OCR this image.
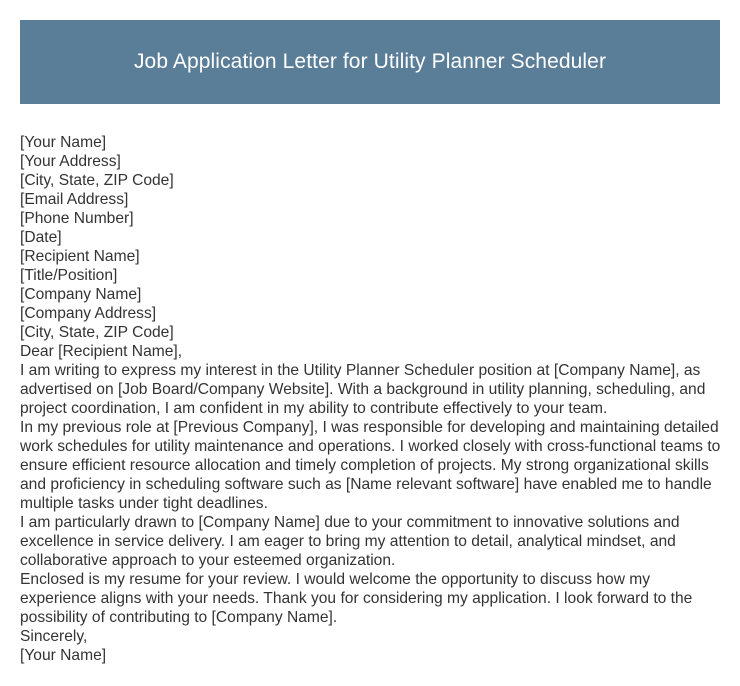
Job Application Letter for Utility Planner Scheduler
[Your Name]
[Your Address]
[City, State, ZIP Code]
[Email Address]
[Phone Number]
[Date]
[Recipient Name]
[Title/Position]
[Company Name]
[Company Address]
[City, State, ZIP Code]
Dear [Recipient Name],

I am writing to express my interest in the Utility Planner Scheduler position at [Company Name], as advertised on [Job Board/Company Website]. With a background in utility planning, scheduling, and project coordination, I am confident in my ability to contribute effectively to your team.

In my previous role at [Previous Company], I was responsible for developing and maintaining detailed work schedules for utility maintenance and operations. I worked closely with cross-functional teams to ensure efficient resource allocation and timely completion of projects. My strong organizational skills and proficiency in scheduling software such as [Name relevant software] have enabled me to handle multiple tasks under tight deadlines.

I am particularly drawn to [Company Name] due to your commitment to innovative solutions and excellence in service delivery. I am eager to bring my attention to detail, analytical mindset, and collaborative approach to your esteemed organization.

Enclosed is my resume for your review. I would welcome the opportunity to discuss how my experience aligns with your needs. Thank you for considering my application. I look forward to the possibility of contributing to [Company Name].

Sincerely,
[Your Name]
